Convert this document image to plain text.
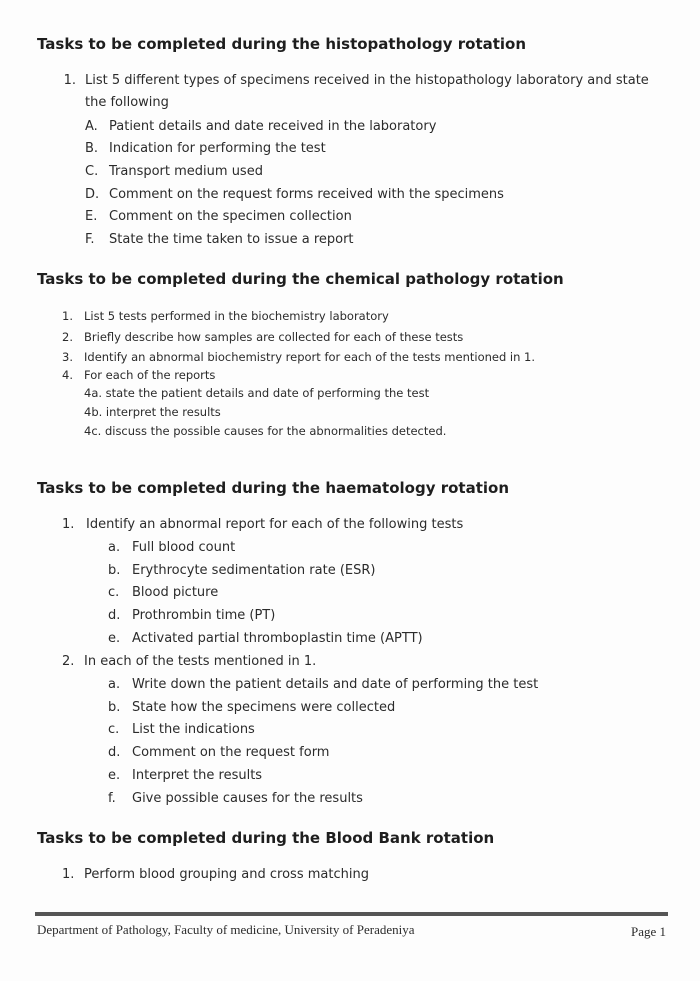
Tasks to be completed during the histopathology rotation
1. List 5 different types of specimens received in the histopathology laboratory and state
the following
A. Patient details and date received in the laboratory
B. Indication for performing the test
C. Transport medium used
D. Comment on the request forms received with the specimens
E. Comment on the specimen collection
F. State the time taken to issue a report
Tasks to be completed during the chemical pathology rotation
1. List 5 tests performed in the biochemistry laboratory
2. Briefly describe how samples are collected for each of these tests
3. Identify an abnormal biochemistry report for each of the tests mentioned in 1.
4. For each of the reports
4a. state the patient details and date of performing the test
4b. interpret the results
4c. discuss the possible causes for the abnormalities detected.
Tasks to be completed during the haematology rotation
1. Identify an abnormal report for each of the following tests
a. Full blood count
b. Erythrocyte sedimentation rate (ESR)
c. Blood picture
d. Prothrombin time (PT)
e. Activated partial thromboplastin time (APTT)
2. In each of the tests mentioned in 1.
a. Write down the patient details and date of performing the test
b. State how the specimens were collected
c. List the indications
d. Comment on the request form
e. Interpret the results
f. Give possible causes for the results
Tasks to be completed during the Blood Bank rotation
1. Perform blood grouping and cross matching
Department of Pathology, Faculty of medicine, University of Peradeniya	Page 1
